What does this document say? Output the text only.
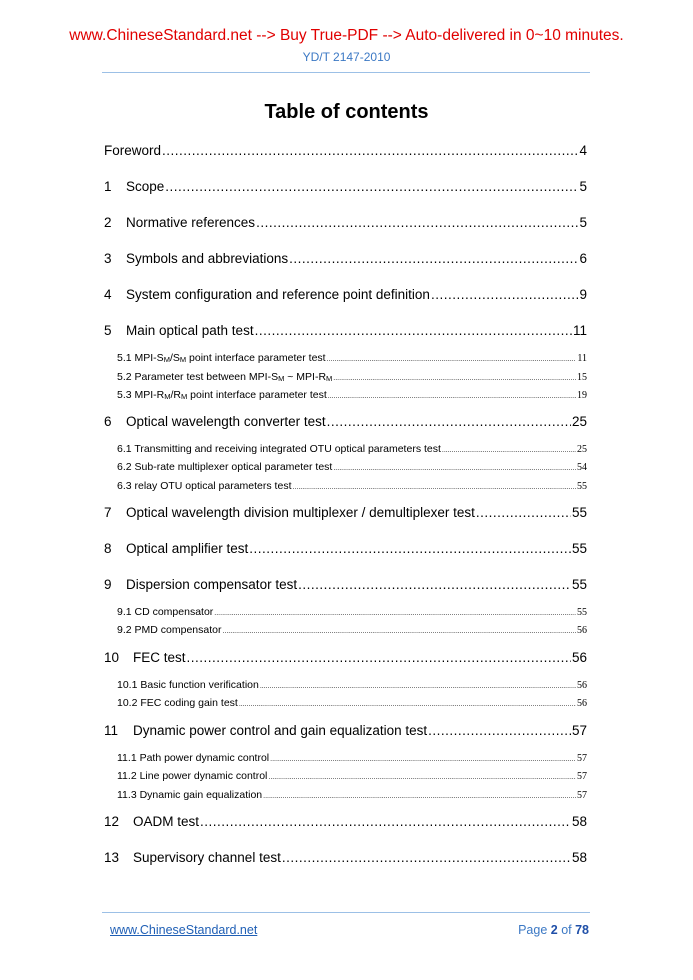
www.ChineseStandard.net --> Buy True-PDF --> Auto-delivered in 0~10 minutes.
YD/T 2147-2010
Table of contents
Foreword .....	4
1 Scope .....	5
2 Normative references .....	5
3 Symbols and abbreviations .....	6
4 System configuration and reference point definition .....	9
5 Main optical path test .....	11
5.1 MPI-$S_M/S_M$ point interface parameter test .....	11
5.2 Parameter test between MPI-$S_M$ ~ MPI-$R_M$ .....	15
5.3 MPI-$R_M/R_M$ point interface parameter test .....	19
6 Optical wavelength converter test .....	25
6.1 Transmitting and receiving integrated OTU optical parameters test .....	25
6.2 Sub-rate multiplexer optical parameter test .....	54
6.3 relay OTU optical parameters test .....	55
7 Optical wavelength division multiplexer / demultiplexer test .....	55
8 Optical amplifier test .....	55
9 Dispersion compensator test .....	55
9.1 CD compensator .....	55
9.2 PMD compensator .....	56
10 FEC test .....	56
10.1 Basic function verification .....	56
10.2 FEC coding gain test .....	56
11 Dynamic power control and gain equalization test .....	57
11.1 Path power dynamic control .....	57
11.2 Line power dynamic control .....	57
11.3 Dynamic gain equalization .....	57
12 OADM test .....	58
13 Supervisory channel test .....	58
www.ChineseStandard.net	Page 2 of 78
